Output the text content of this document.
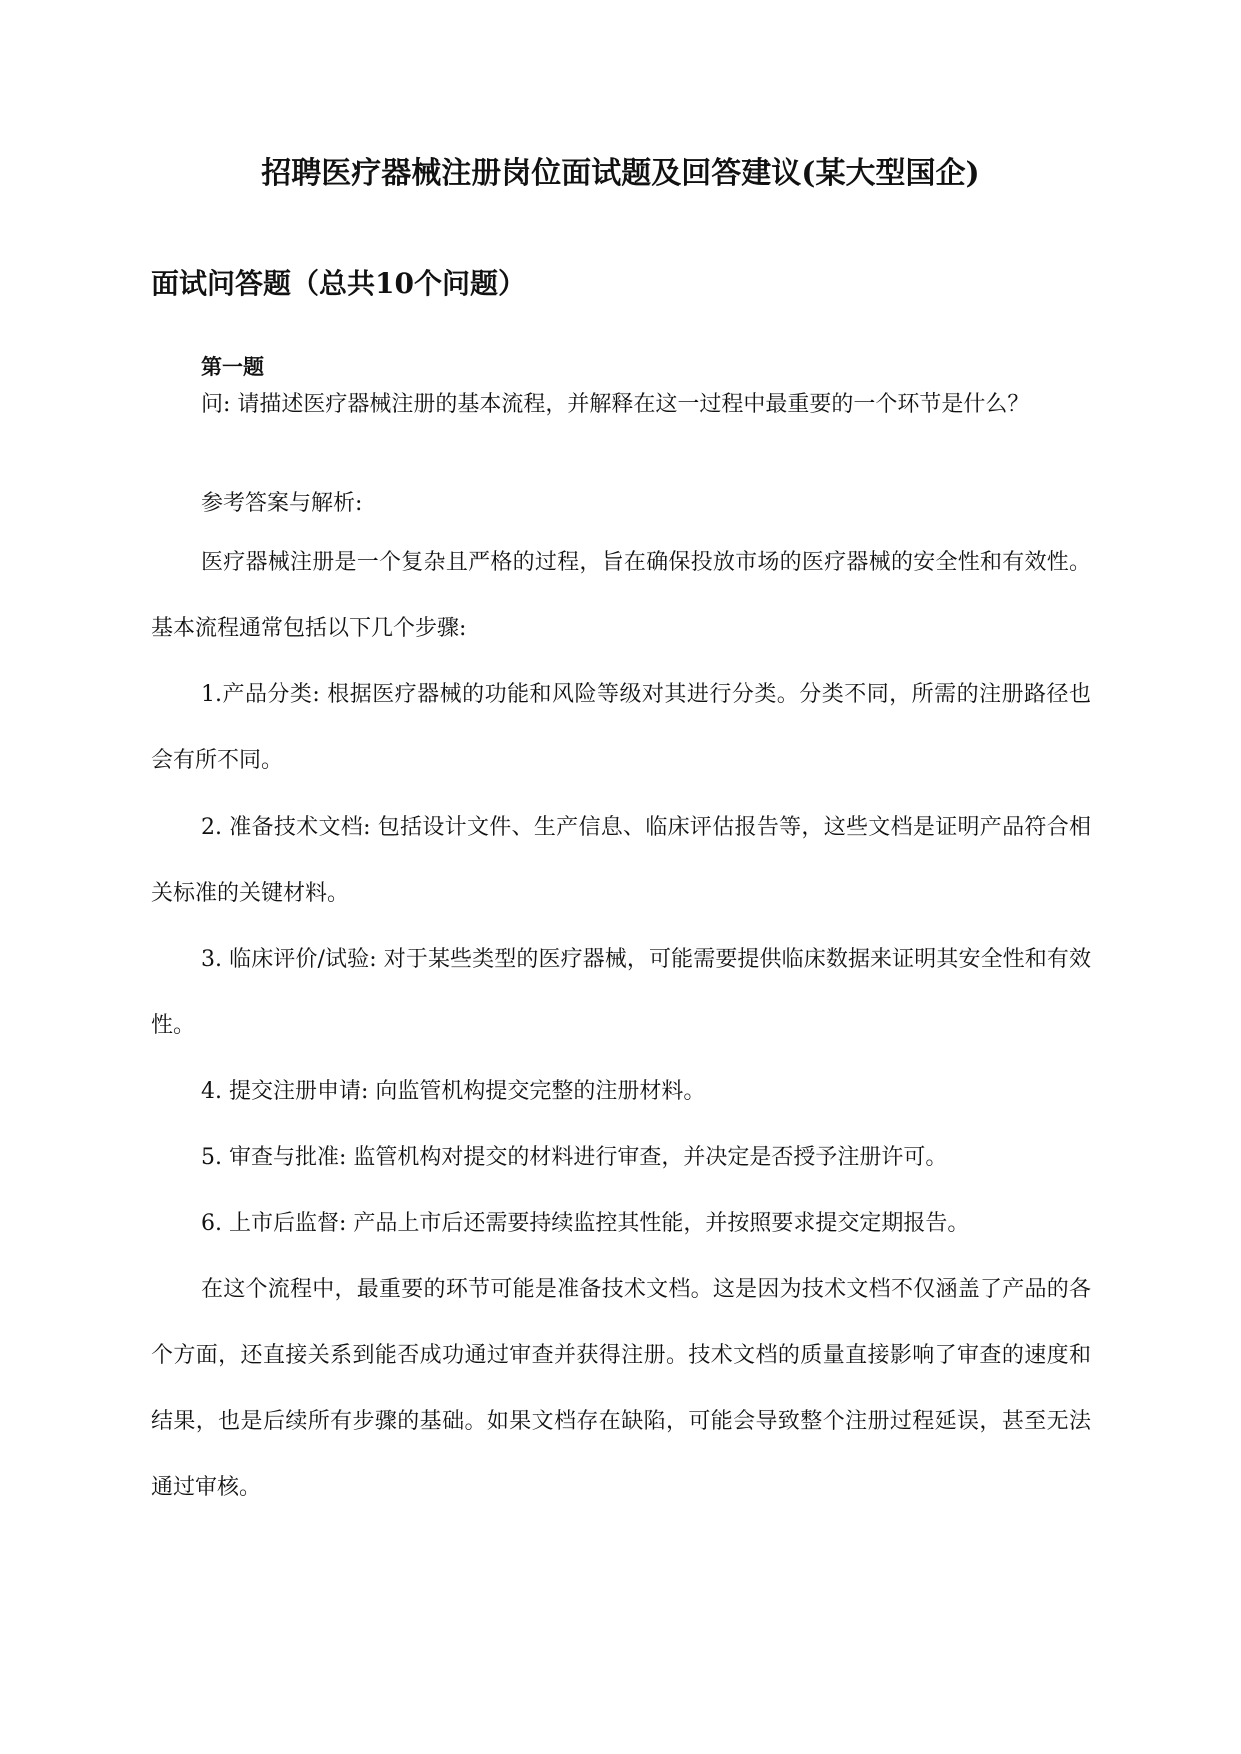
招聘医疗器械注册岗位面试题及回答建议(某大型国企)
面试问答题（总共10个问题）
第一题

问: 请描述医疗器械注册的基本流程，并解释在这一过程中最重要的一个环节是什么？

参考答案与解析:

医疗器械注册是一个复杂且严格的过程，旨在确保投放市场的医疗器械的安全性和有效性。基本流程通常包括以下几个步骤:

1.产品分类: 根据医疗器械的功能和风险等级对其进行分类。分类不同，所需的注册路径也会有所不同。

2. 准备技术文档: 包括设计文件、生产信息、临床评估报告等，这些文档是证明产品符合相关标准的关键材料。

3. 临床评价/试验: 对于某些类型的医疗器械，可能需要提供临床数据来证明其安全性和有效性。

4. 提交注册申请: 向监管机构提交完整的注册材料。

5. 审查与批准: 监管机构对提交的材料进行审查，并决定是否授予注册许可。

6. 上市后监督: 产品上市后还需要持续监控其性能，并按照要求提交定期报告。

在这个流程中，最重要的环节可能是准备技术文档。这是因为技术文档不仅涵盖了产品的各个方面，还直接关系到能否成功通过审查并获得注册。技术文档的质量直接影响了审查的速度和结果，也是后续所有步骤的基础。如果文档存在缺陷，可能会导致整个注册过程延误，甚至无法通过审核。
